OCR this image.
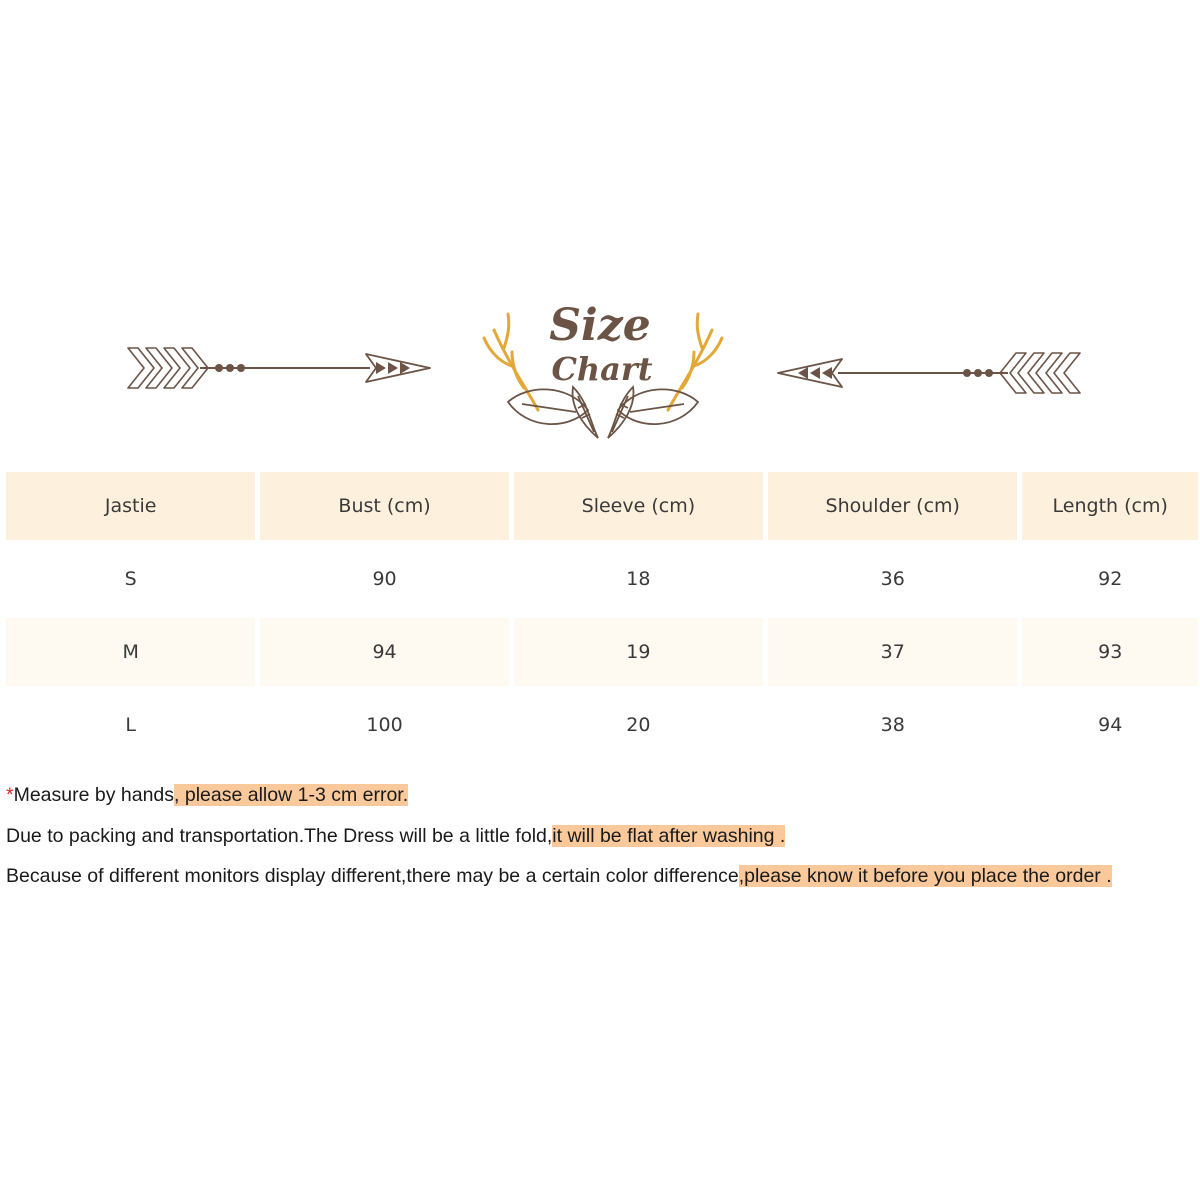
Size
Chart
Jastie	Bust (cm)	Sleeve (cm)	Shoulder (cm)	Length (cm)
S	90	18	36	92
M	94	19	37	93
L	100	20	38	94
*Measure by hands, please allow 1-3 cm error.
Due to packing and transportation.The Dress will be a little fold,it will be flat after washing .
Because of different monitors display different,there may be a certain color difference,please know it before you place the order .
